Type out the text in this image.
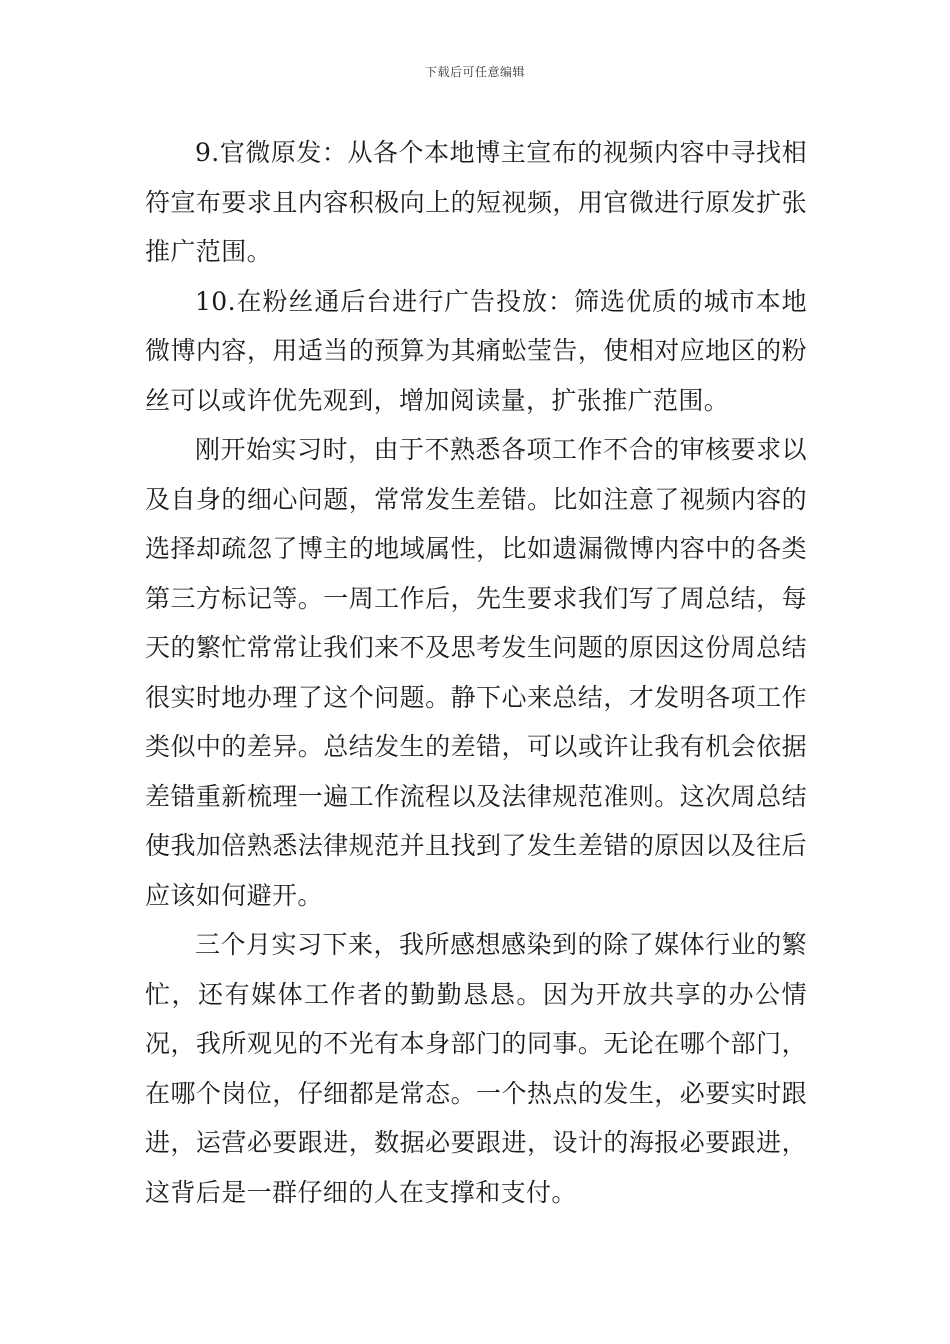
下载后可任意编辑

9.官微原发：从各个本地博主宣布的视频内容中寻找相符宣布要求且内容积极向上的短视频，用官微进行原发扩张推广范围。

10.在粉丝通后台进行广告投放：筛选优质的城市本地微博内容，用适当的预算为其痛蚣莹告，使相对应地区的粉丝可以或许优先观到，增加阅读量，扩张推广范围。

刚开始实习时，由于不熟悉各项工作不合的审核要求以及自身的细心问题，常常发生差错。比如注意了视频内容的选择却疏忽了博主的地域属性，比如遗漏微博内容中的各类第三方标记等。一周工作后，先生要求我们写了周总结，每天的繁忙常常让我们来不及思考发生问题的原因这份周总结很实时地办理了这个问题。静下心来总结，才发明各项工作类似中的差异。总结发生的差错，可以或许让我有机会依据差错重新梳理一遍工作流程以及法律规范准则。这次周总结使我加倍熟悉法律规范并且找到了发生差错的原因以及往后应该如何避开。

三个月实习下来，我所感想感染到的除了媒体行业的繁忙，还有媒体工作者的勤勤恳恳。因为开放共享的办公情况，我所观见的不光有本身部门的同事。无论在哪个部门，在哪个岗位，仔细都是常态。一个热点的发生，必要实时跟进，运营必要跟进，数据必要跟进，设计的海报必要跟进，这背后是一群仔细的人在支撑和支付。
